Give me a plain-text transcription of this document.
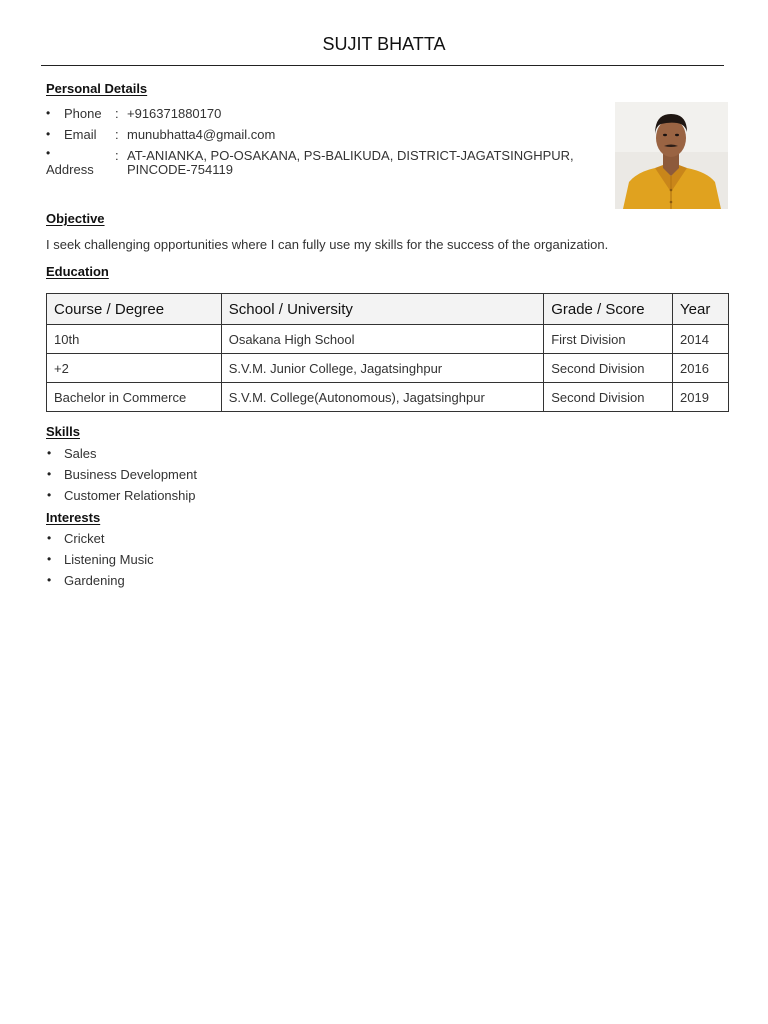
SUJIT BHATTA
Personal Details
• Phone : +916371880170
• Email : munubhatta4@gmail.com
•
Address
: AT-ANIANKA, PO-OSAKANA, PS-BALIKUDA, DISTRICT-JAGATSINGHPUR,
PINCODE-754119
Objective
I seek challenging opportunities where I can fully use my skills for the success of the organization.
Education
Course / Degree	School / University	Grade / Score	Year
10th	Osakana High School	First Division	2014
+2	S.V.M. Junior College, Jagatsinghpur	Second Division	2016
Bachelor in Commerce	S.V.M. College(Autonomous), Jagatsinghpur	Second Division	2019
Skills
• Sales
• Business Development
• Customer Relationship
Interests
• Cricket
• Listening Music
• Gardening
